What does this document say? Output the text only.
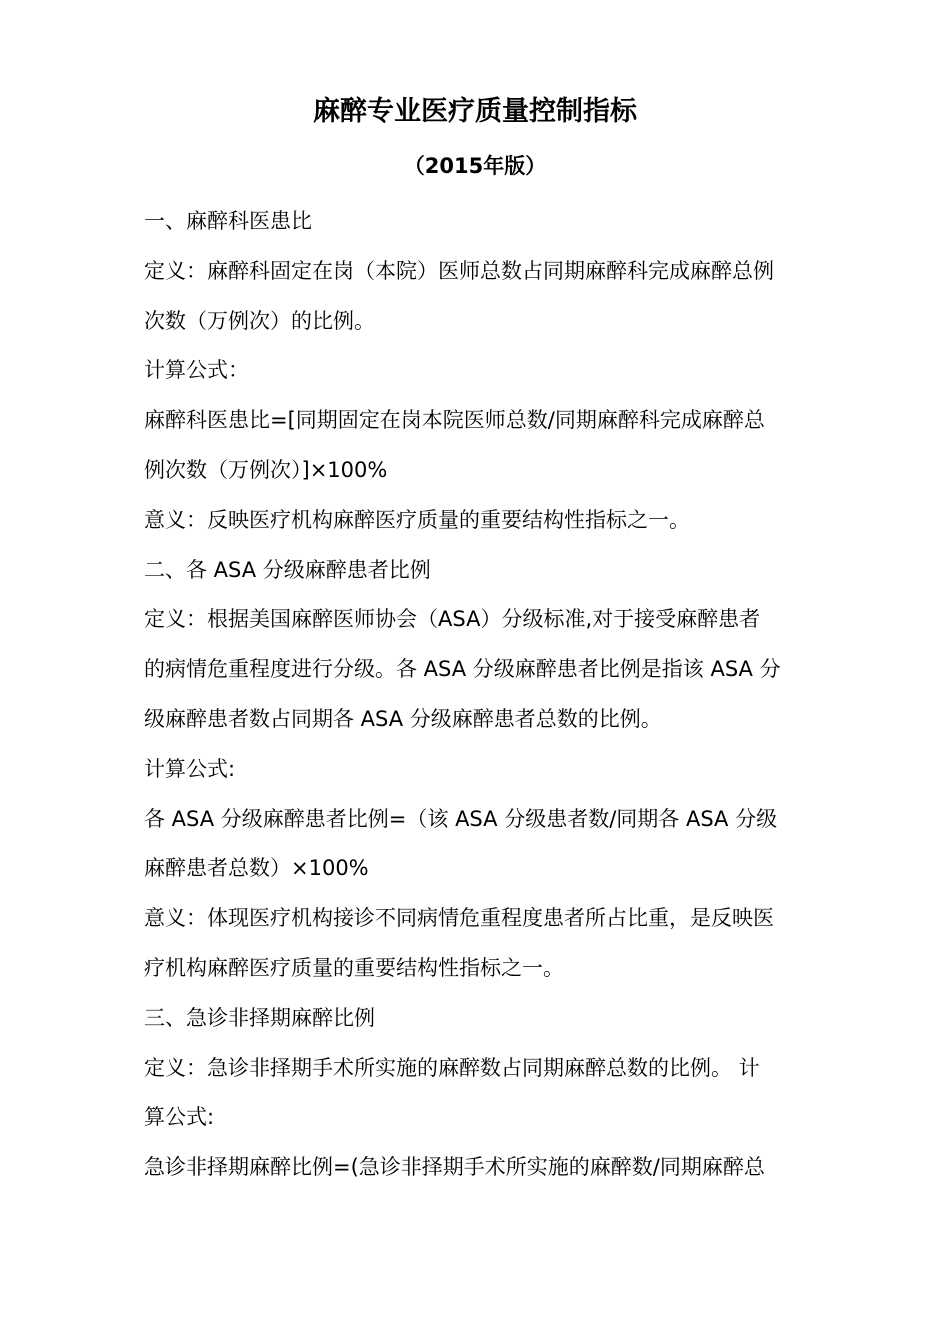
麻醉专业医疗质量控制指标
（2015年版）
一、麻醉科医患比
定义：麻醉科固定在岗（本院）医师总数占同期麻醉科完成麻醉总例
次数（万例次）的比例。
计算公式：
麻醉科医患比=[同期固定在岗本院医师总数/同期麻醉科完成麻醉总
例次数（万例次）]×100%
意义：反映医疗机构麻醉医疗质量的重要结构性指标之一。
二、各 ASA 分级麻醉患者比例
定义：根据美国麻醉医师协会（ASA）分级标准,对于接受麻醉患者
的病情危重程度进行分级。各 ASA 分级麻醉患者比例是指该 ASA 分
级麻醉患者数占同期各 ASA 分级麻醉患者总数的比例。
计算公式:
各 ASA 分级麻醉患者比例=（该 ASA 分级患者数/同期各 ASA 分级
麻醉患者总数）×100%
意义：体现医疗机构接诊不同病情危重程度患者所占比重，是反映医
疗机构麻醉医疗质量的重要结构性指标之一。
三、急诊非择期麻醉比例
定义：急诊非择期手术所实施的麻醉数占同期麻醉总数的比例。 计
算公式:
急诊非择期麻醉比例=(急诊非择期手术所实施的麻醉数/同期麻醉总
